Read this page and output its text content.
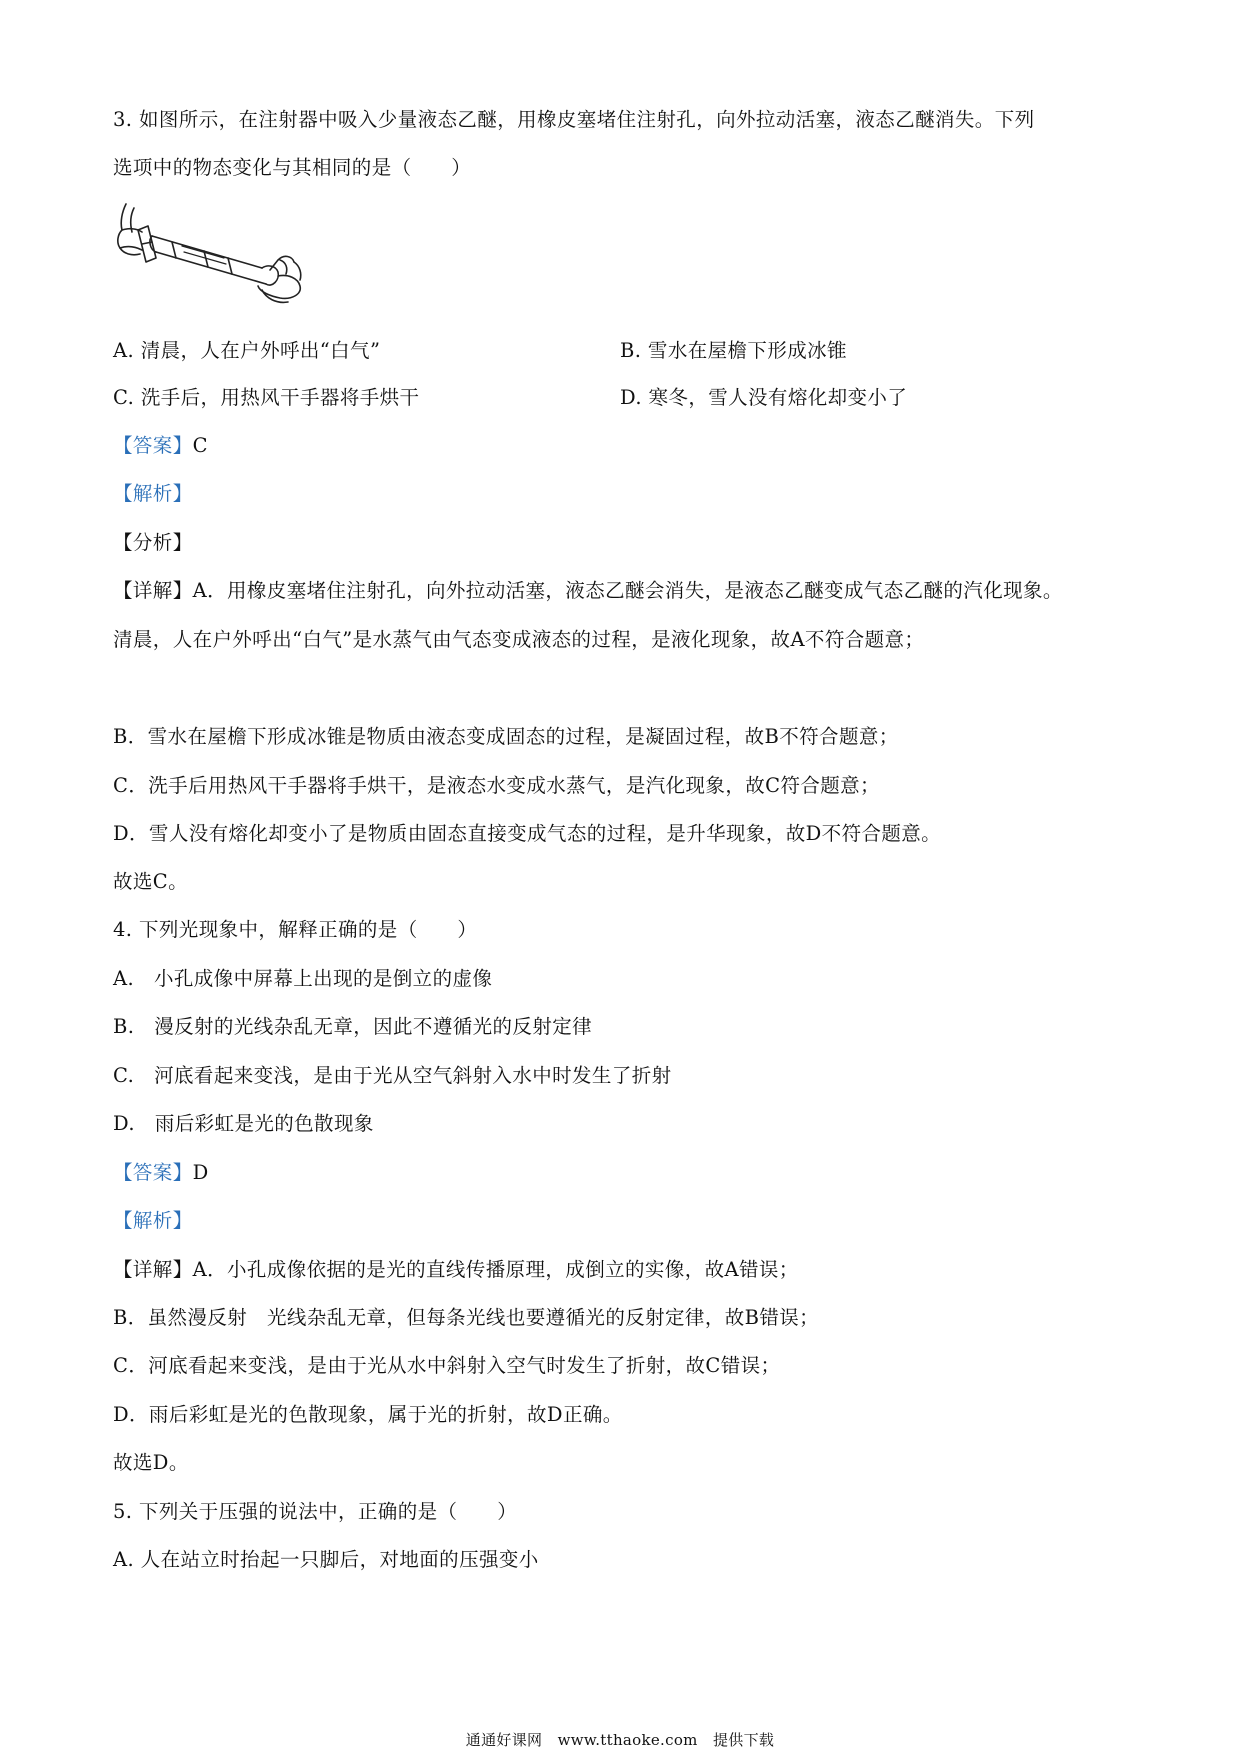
3. 如图所示，在注射器中吸入少量液态乙醚，用橡皮塞堵住注射孔，向外拉动活塞，液态乙醚消失。下列
选项中的物态变化与其相同的是（　　）
A. 清晨，人在户外呼出“白气”	B. 雪水在屋檐下形成冰锥
C. 洗手后，用热风干手器将手烘干	D. 寒冬，雪人没有熔化却变小了
【答案】C
【解析】
【分析】
【详解】A．用橡皮塞堵住注射孔，向外拉动活塞，液态乙醚会消失，是液态乙醚变成气态乙醚的汽化现象。
清晨，人在户外呼出“白气”是水蒸气由气态变成液态的过程，是液化现象，故A不符合题意；
B．雪水在屋檐下形成冰锥是物质由液态变成固态的过程，是凝固过程，故B不符合题意；
C．洗手后用热风干手器将手烘干，是液态水变成水蒸气，是汽化现象，故C符合题意；
D．雪人没有熔化却变小了是物质由固态直接变成气态的过程，是升华现象，故D不符合题意。
故选C。
4. 下列光现象中，解释正确的是（　　）
A.　小孔成像中屏幕上出现的是倒立的虚像
B.　漫反射的光线杂乱无章，因此不遵循光的反射定律
C.　河底看起来变浅，是由于光从空气斜射入水中时发生了折射
D.　雨后彩虹是光的色散现象
【答案】D
【解析】
【详解】A．小孔成像依据的是光的直线传播原理，成倒立的实像，故A错误；
B．虽然漫反射　光线杂乱无章，但每条光线也要遵循光的反射定律，故B错误；
C．河底看起来变浅，是由于光从水中斜射入空气时发生了折射，故C错误；
D．雨后彩虹是光的色散现象，属于光的折射，故D正确。
故选D。
5. 下列关于压强的说法中，正确的是（　　）
A. 人在站立时抬起一只脚后，对地面的压强变小
通通好课网　www.tthaoke.com　提供下载
